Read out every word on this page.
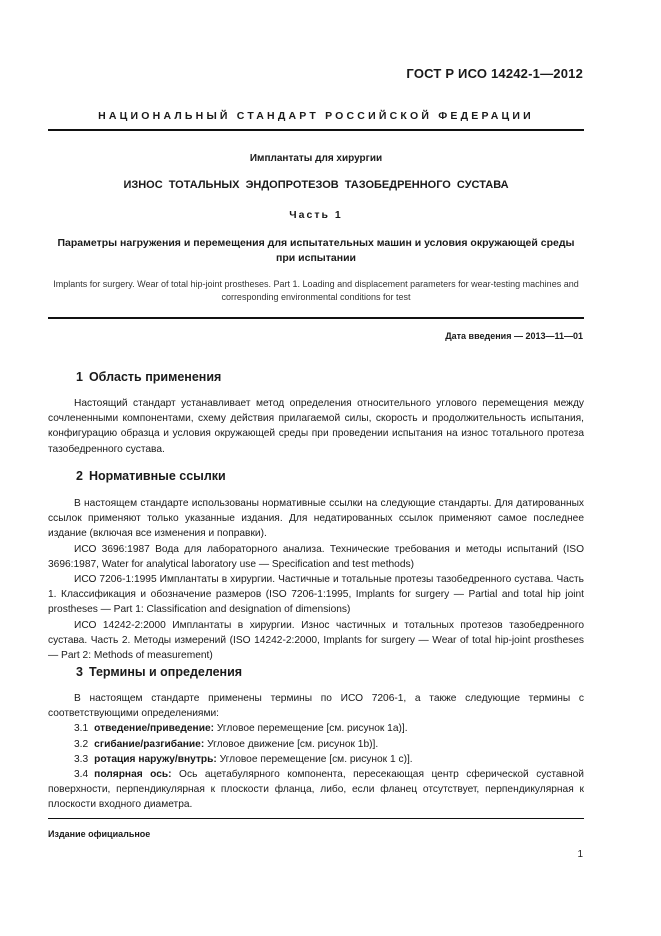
ГОСТ Р ИСО 14242-1—2012
НАЦИОНАЛЬНЫЙ СТАНДАРТ РОССИЙСКОЙ ФЕДЕРАЦИИ
Имплантаты для хирургии
ИЗНОС ТОТАЛЬНЫХ ЭНДОПРОТЕЗОВ ТАЗОБЕДРЕННОГО СУСТАВА
Часть 1
Параметры нагружения и перемещения для испытательных машин и условия окружающей среды при испытании
Implants for surgery. Wear of total hip-joint prostheses. Part 1. Loading and displacement parameters for wear-testing machines and corresponding environmental conditions for test
Дата введения — 2013—11—01
1 Область применения

Настоящий стандарт устанавливает метод определения относительного углового перемещения между сочлененными компонентами, схему действия прилагаемой силы, скорость и продолжительность испытания, конфигурацию образца и условия окружающей среды при проведении испытания на износ тотального протеза тазобедренного сустава.

2 Нормативные ссылки

В настоящем стандарте использованы нормативные ссылки на следующие стандарты. Для датированных ссылок применяют только указанные издания. Для недатированных ссылок применяют самое последнее издание (включая все изменения и поправки).

ИСО 3696:1987 Вода для лабораторного анализа. Технические требования и методы испытаний (ISO 3696:1987, Water for analytical laboratory use — Specification and test methods)

ИСО 7206-1:1995 Имплантаты в хирургии. Частичные и тотальные протезы тазобедренного сустава. Часть 1. Классификация и обозначение размеров (ISO 7206-1:1995, Implants for surgery — Partial and total hip joint prostheses — Part 1: Classification and designation of dimensions)

ИСО 14242-2:2000 Имплантаты в хирургии. Износ частичных и тотальных протезов тазобедренного сустава. Часть 2. Методы измерений (ISO 14242-2:2000, Implants for surgery — Wear of total hip-joint prostheses — Part 2: Methods of measurement)

3 Термины и определения

В настоящем стандарте применены термины по ИСО 7206-1, а также следующие термины с соответствующими определениями:

3.1 отведение/приведение: Угловое перемещение [см. рисунок 1a)].

3.2 сгибание/разгибание: Угловое движение [см. рисунок 1b)].

3.3 ротация наружу/внутрь: Угловое перемещение [см. рисунок 1 c)].

3.4 полярная ось: Ось ацетабулярного компонента, пересекающая центр сферической суставной поверхности, перпендикулярная к плоскости фланца, либо, если фланец отсутствует, перпендикулярная к плоскости входного диаметра.

Издание официальное
1
